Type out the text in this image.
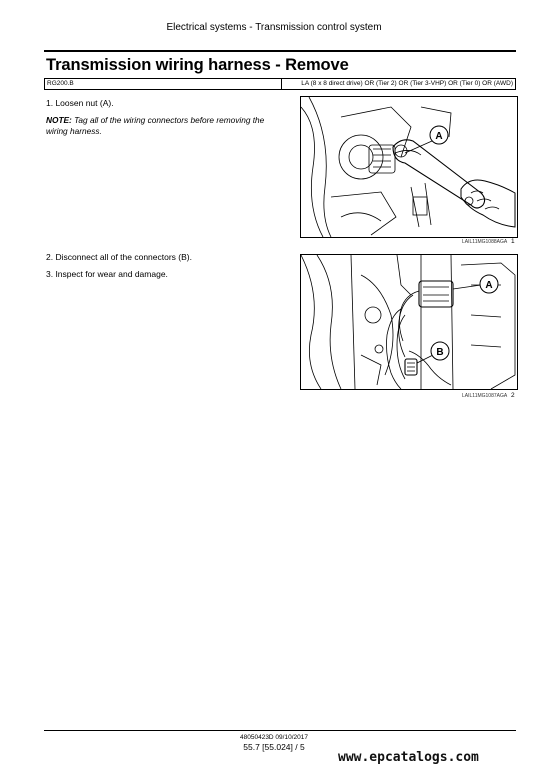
Electrical systems - Transmission control system
Transmission wiring harness - Remove
RG200.B	LA (8 x 8 direct drive) OR (Tier 2) OR (Tier 3-VHP) OR (Tier 0) OR (AWD)
1. Loosen nut (A).
NOTE: Tag all of the wiring connectors before removing the wiring harness.	A
LAIL11MG1088AGA 1
2. Disconnect all of the connectors (B).
3. Inspect for wear and damage.
A
B
LAIL11MG1087AGA 2
48050423D 09/10/2017
55.7 [55.024] / 5
www.epcatalogs.com
